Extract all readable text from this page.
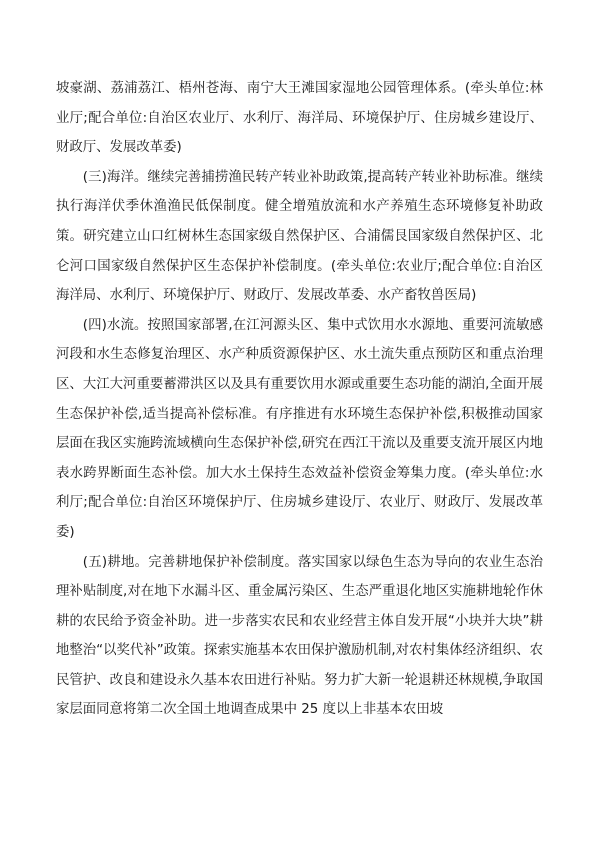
坡豪湖、荔浦荔江、梧州苍海、南宁大王滩国家湿地公园管理体系。(牵头单位:林业厅;配合单位:自治区农业厅、水利厅、海洋局、环境保护厅、住房城乡建设厅、财政厅、发展改革委)

(三)海洋。继续完善捕捞渔民转产转业补助政策,提高转产转业补助标准。继续执行海洋伏季休渔渔民低保制度。健全增殖放流和水产养殖生态环境修复补助政策。研究建立山口红树林生态国家级自然保护区、合浦儒艮国家级自然保护区、北仑河口国家级自然保护区生态保护补偿制度。(牵头单位:农业厅;配合单位:自治区海洋局、水利厅、环境保护厅、财政厅、发展改革委、水产畜牧兽医局)

(四)水流。按照国家部署,在江河源头区、集中式饮用水水源地、重要河流敏感河段和水生态修复治理区、水产种质资源保护区、水土流失重点预防区和重点治理区、大江大河重要蓄滞洪区以及具有重要饮用水源或重要生态功能的湖泊,全面开展生态保护补偿,适当提高补偿标准。有序推进有水环境生态保护补偿,积极推动国家层面在我区实施跨流域横向生态保护补偿,研究在西江干流以及重要支流开展区内地表水跨界断面生态补偿。加大水土保持生态效益补偿资金筹集力度。(牵头单位:水利厅;配合单位:自治区环境保护厅、住房城乡建设厅、农业厅、财政厅、发展改革委)

(五)耕地。完善耕地保护补偿制度。落实国家以绿色生态为导向的农业生态治理补贴制度,对在地下水漏斗区、重金属污染区、生态严重退化地区实施耕地轮作休耕的农民给予资金补助。进一步落实农民和农业经营主体自发开展“小块并大块”耕地整治“以奖代补”政策。探索实施基本农田保护激励机制,对农村集体经济组织、农民管护、改良和建设永久基本农田进行补贴。努力扩大新一轮退耕还林规模,争取国家层面同意将第二次全国土地调查成果中 25 度以上非基本农田坡
